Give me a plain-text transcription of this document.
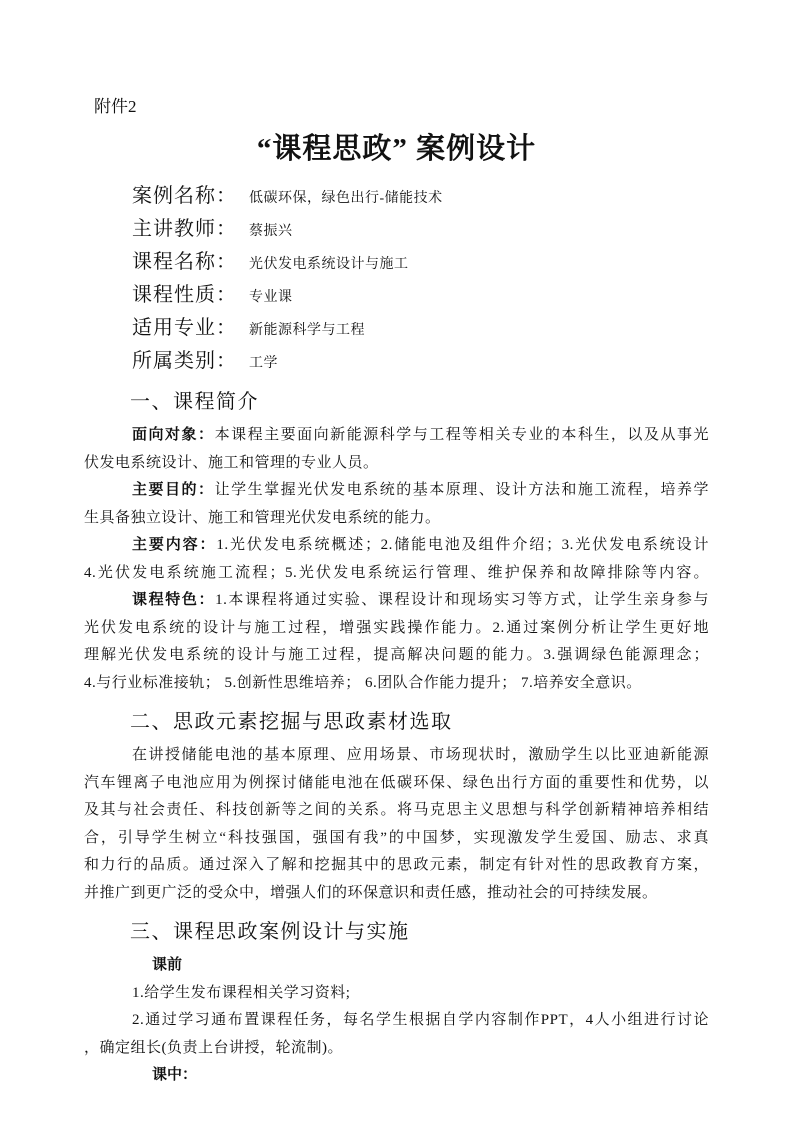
附件2
“课程思政” 案例设计
案例名称： 低碳环保，绿色出行-储能技术
主讲教师： 蔡振兴
课程名称： 光伏发电系统设计与施工
课程性质： 专业课
适用专业： 新能源科学与工程
所属类别： 工学
一、课程简介
面向对象：本课程主要面向新能源科学与工程等相关专业的本科生，以及从事光
伏发电系统设计、施工和管理的专业人员。
主要目的：让学生掌握光伏发电系统的基本原理、设计方法和施工流程，培养学
生具备独立设计、施工和管理光伏发电系统的能力。
主要内容：1.光伏发电系统概述；2.储能电池及组件介绍；3.光伏发电系统设计
4.光伏发电系统施工流程；5.光伏发电系统运行管理、维护保养和故障排除等内容。
课程特色：1.本课程将通过实验、课程设计和现场实习等方式，让学生亲身参与
光伏发电系统的设计与施工过程，增强实践操作能力。2.通过案例分析让学生更好地
理解光伏发电系统的设计与施工过程，提高解决问题的能力。3.强调绿色能源理念；
4.与行业标准接轨； 5.创新性思维培养； 6.团队合作能力提升； 7.培养安全意识。
二、思政元素挖掘与思政素材选取
在讲授储能电池的基本原理、应用场景、市场现状时，激励学生以比亚迪新能源
汽车锂离子电池应用为例探讨储能电池在低碳环保、绿色出行方面的重要性和优势，以
及其与社会责任、科技创新等之间的关系。将马克思主义思想与科学创新精神培养相结
合，引导学生树立“科技强国，强国有我”的中国梦，实现激发学生爱国、励志、求真
和力行的品质。通过深入了解和挖掘其中的思政元素，制定有针对性的思政教育方案，
并推广到更广泛的受众中，增强人们的环保意识和责任感，推动社会的可持续发展。
三、课程思政案例设计与实施
课前
1.给学生发布课程相关学习资料;
2.通过学习通布置课程任务，每名学生根据自学内容制作PPT，4人小组进行讨论
，确定组长(负责上台讲授，轮流制)。
课中：
